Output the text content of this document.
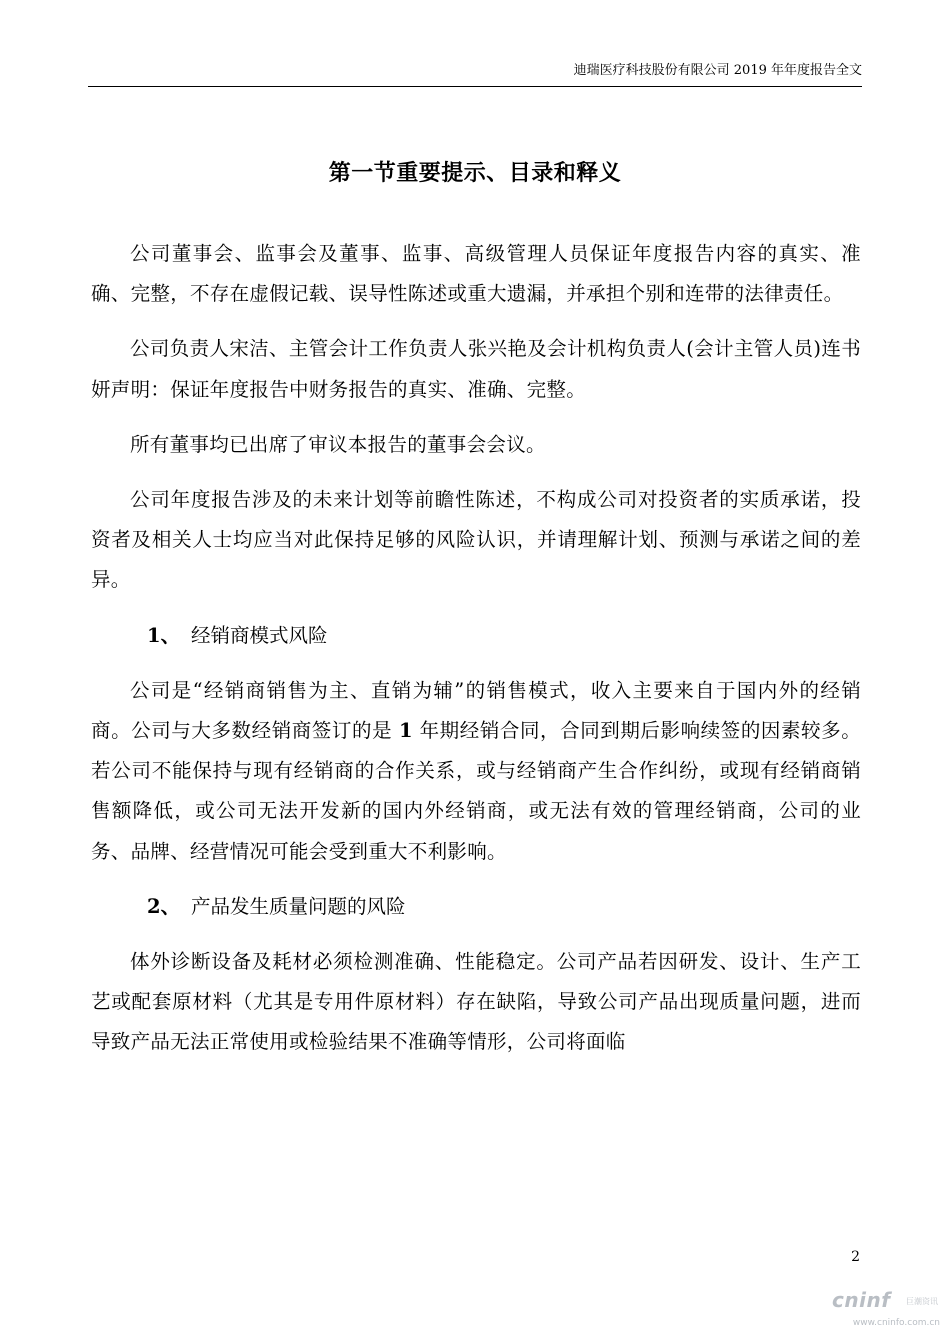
迪瑞医疗科技股份有限公司 2019 年年度报告全文
第一节重要提示、目录和释义

公司董事会、监事会及董事、监事、高级管理人员保证年度报告内容的真实、准确、完整，不存在虚假记载、误导性陈述或重大遗漏，并承担个别和连带的法律责任。

公司负责人宋洁、主管会计工作负责人张兴艳及会计机构负责人(会计主管人员)连书妍声明：保证年度报告中财务报告的真实、准确、完整。

所有董事均已出席了审议本报告的董事会会议。

公司年度报告涉及的未来计划等前瞻性陈述，不构成公司对投资者的实质承诺，投资者及相关人士均应当对此保持足够的风险认识，并请理解计划、预测与承诺之间的差异。

1、 经销商模式风险

公司是“经销商销售为主、直销为辅”的销售模式，收入主要来自于国内外的经销商。公司与大多数经销商签订的是 1 年期经销合同，合同到期后影响续签的因素较多。若公司不能保持与现有经销商的合作关系，或与经销商产生合作纠纷，或现有经销商销售额降低，或公司无法开发新的国内外经销商，或无法有效的管理经销商，公司的业务、品牌、经营情况可能会受到重大不利影响。

2、 产品发生质量问题的风险

体外诊断设备及耗材必须检测准确、性能稳定。公司产品若因研发、设计、生产工艺或配套原材料（尤其是专用件原材料）存在缺陷，导致公司产品出现质量问题，进而导致产品无法正常使用或检验结果不准确等情形，公司将面临

2
cninf 巨潮资讯
www.cninfo.com.cn
